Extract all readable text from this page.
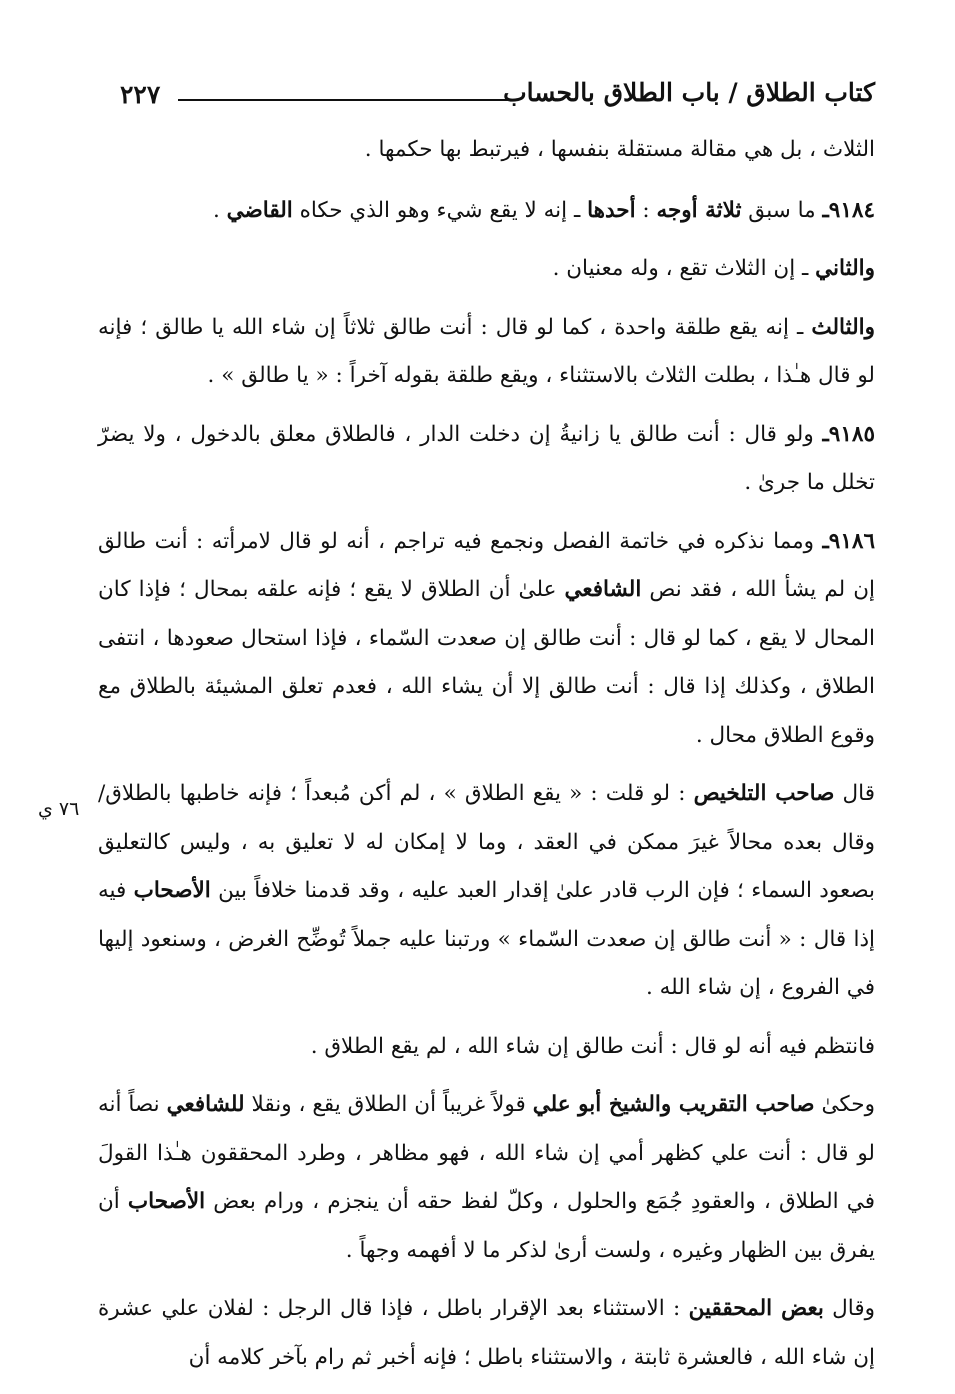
كتاب الطلاق / باب الطلاق بالحساب
٢٢٧
٧٦ ي

الثلاث ، بل هي مقالة مستقلة بنفسها ، فيرتبط بها حكمها .

٩١٨٤ـ ما سبق ثلاثة أوجه : أحدها ـ إنه لا يقع شيء وهو الذي حكاه القاضي .

والثاني ـ إن الثلاث تقع ، وله معنيان .

والثالث ـ إنه يقع طلقة واحدة ، كما لو قال : أنت طالق ثلاثاً إن شاء الله يا طالق ؛ فإنه لو قال هـٰذا ، بطلت الثلاث بالاستثناء ، ويقع طلقة بقوله آخراً : « يا طالق » .

٩١٨٥ـ ولو قال : أنت طالق يا زانيةُ إن دخلت الدار ، فالطلاق معلق بالدخول ، ولا يضرّ تخلل ما جرىٰ .

٩١٨٦ـ ومما نذكره في خاتمة الفصل ونجمع فيه تراجم ، أنه لو قال لامرأته : أنت طالق إن لم يشأ الله ، فقد نص الشافعي علىٰ أن الطلاق لا يقع ؛ فإنه علقه بمحال ؛ فإذا كان المحال لا يقع ، كما لو قال : أنت طالق إن صعدت السّماء ، فإذا استحال صعودها ، انتفى الطلاق ، وكذلك إذا قال : أنت طالق إلا أن يشاء الله ، فعدم تعلق المشيئة بالطلاق مع وقوع الطلاق محال .

قال صاحب التلخيص : لو قلت : « يقع الطلاق » ، لم أكن مُبعداً ؛ فإنه خاطبها بالطلاق/ وقال بعده محالاً غيرَ ممكن في العقد ، وما لا إمكان له لا تعليق به ، وليس كالتعليق بصعود السماء ؛ فإن الرب قادر علىٰ إقدار العبد عليه ، وقد قدمنا خلافاً بين الأصحاب فيه إذا قال : « أنت طالق إن صعدت السّماء » ورتبنا عليه جملاً تُوضِّح الغرض ، وسنعود إليها في الفروع ، إن شاء الله .

فانتظم فيه أنه لو قال : أنت طالق إن شاء الله ، لم يقع الطلاق .

وحكىٰ صاحب التقريب والشيخ أبو علي قولاً غريباً أن الطلاق يقع ، ونقلا للشافعي نصاً أنه لو قال : أنت علي كظهر أمي إن شاء الله ، فهو مظاهر ، وطرد المحققون هـٰذا القولَ في الطلاق ، والعقودِ جُمَع والحلول ، وكلّ لفظ حقه أن ينجزم ، ورام بعض الأصحاب أن يفرق بين الظهار وغيره ، ولست أرىٰ لذكر ما لا أفهمه وجهاً .

وقال بعض المحققين : الاستثناء بعد الإقرار باطل ، فإذا قال الرجل : لفلان علي عشرة إن شاء الله ، فالعشرة ثابتة ، والاستثناء باطل ؛ فإنه أخبر ثم رام بآخر كلامه أن
